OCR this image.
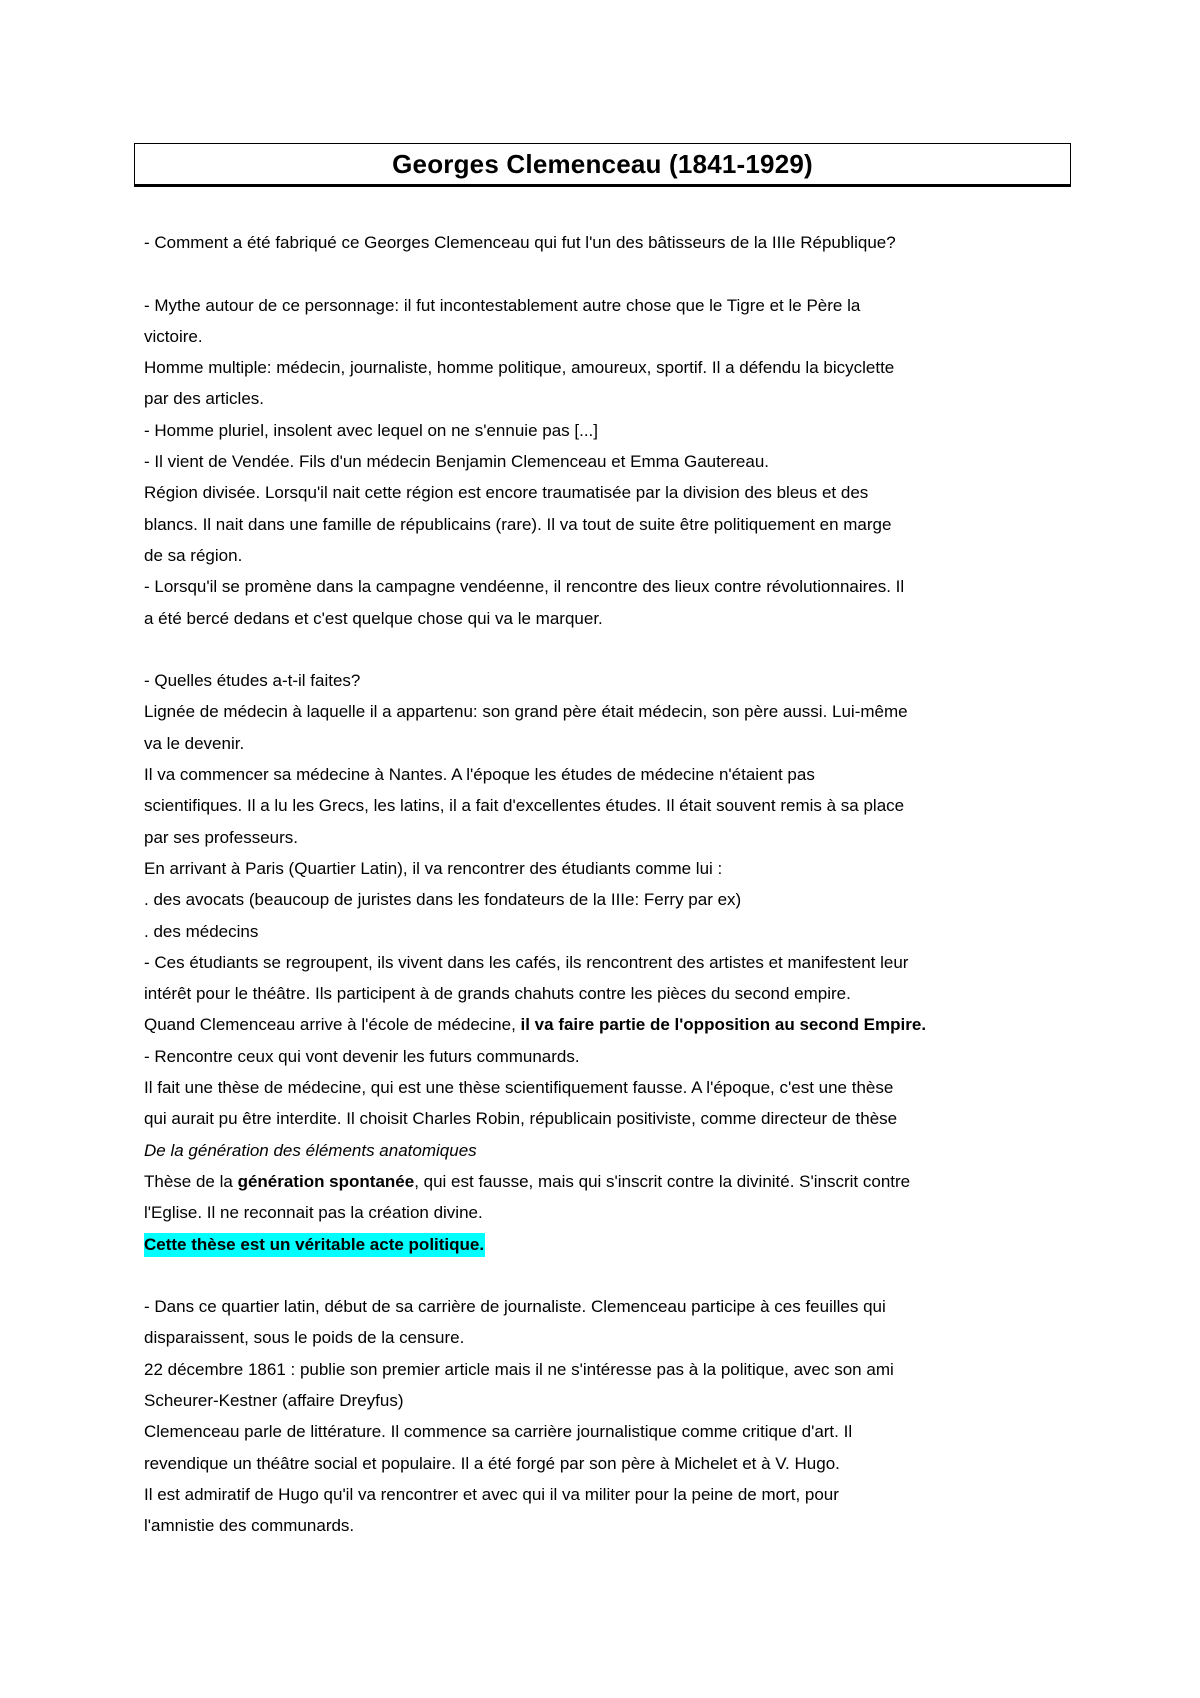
Georges Clemenceau (1841-1929)

- Comment a été fabriqué ce Georges Clemenceau qui fut l'un des bâtisseurs de la IIIe République?

- Mythe autour de ce personnage: il fut incontestablement autre chose que le Tigre et le Père la

victoire.

Homme multiple: médecin, journaliste, homme politique, amoureux, sportif. Il a défendu la bicyclette

par des articles.

- Homme pluriel, insolent avec lequel on ne s'ennuie pas [...]

- Il vient de Vendée. Fils d'un médecin Benjamin Clemenceau et Emma Gautereau.

Région divisée. Lorsqu'il nait cette région est encore traumatisée par la division des bleus et des

blancs. Il nait dans une famille de républicains (rare). Il va tout de suite être politiquement en marge

de sa région.

- Lorsqu'il se promène dans la campagne vendéenne, il rencontre des lieux contre révolutionnaires. Il

a été bercé dedans et c'est quelque chose qui va le marquer.

- Quelles études a-t-il faites?

Lignée de médecin à laquelle il a appartenu: son grand père était médecin, son père aussi. Lui-même

va le devenir.

Il va commencer sa médecine à Nantes. A l'époque les études de médecine n'étaient pas

scientifiques. Il a lu les Grecs, les latins, il a fait d'excellentes études. Il était souvent remis à sa place

par ses professeurs.

En arrivant à Paris (Quartier Latin), il va rencontrer des étudiants comme lui :

. des avocats (beaucoup de juristes dans les fondateurs de la IIIe: Ferry par ex)

. des médecins

- Ces étudiants se regroupent, ils vivent dans les cafés, ils rencontrent des artistes et manifestent leur

intérêt pour le théâtre. Ils participent à de grands chahuts contre les pièces du second empire.

Quand Clemenceau arrive à l'école de médecine, il va faire partie de l'opposition au second Empire.

- Rencontre ceux qui vont devenir les futurs communards.

Il fait une thèse de médecine, qui est une thèse scientifiquement fausse. A l'époque, c'est une thèse

qui aurait pu être interdite. Il choisit Charles Robin, républicain positiviste, comme directeur de thèse

De la génération des éléments anatomiques

Thèse de la génération spontanée, qui est fausse, mais qui s'inscrit contre la divinité. S'inscrit contre

l'Eglise. Il ne reconnait pas la création divine.

Cette thèse est un véritable acte politique.

- Dans ce quartier latin, début de sa carrière de journaliste. Clemenceau participe à ces feuilles qui

disparaissent, sous le poids de la censure.

22 décembre 1861 : publie son premier article mais il ne s'intéresse pas à la politique, avec son ami

Scheurer-Kestner (affaire Dreyfus)

Clemenceau parle de littérature. Il commence sa carrière journalistique comme critique d'art. Il

revendique un théâtre social et populaire. Il a été forgé par son père à Michelet et à V. Hugo.

Il est admiratif de Hugo qu'il va rencontrer et avec qui il va militer pour la peine de mort, pour

l'amnistie des communards.
